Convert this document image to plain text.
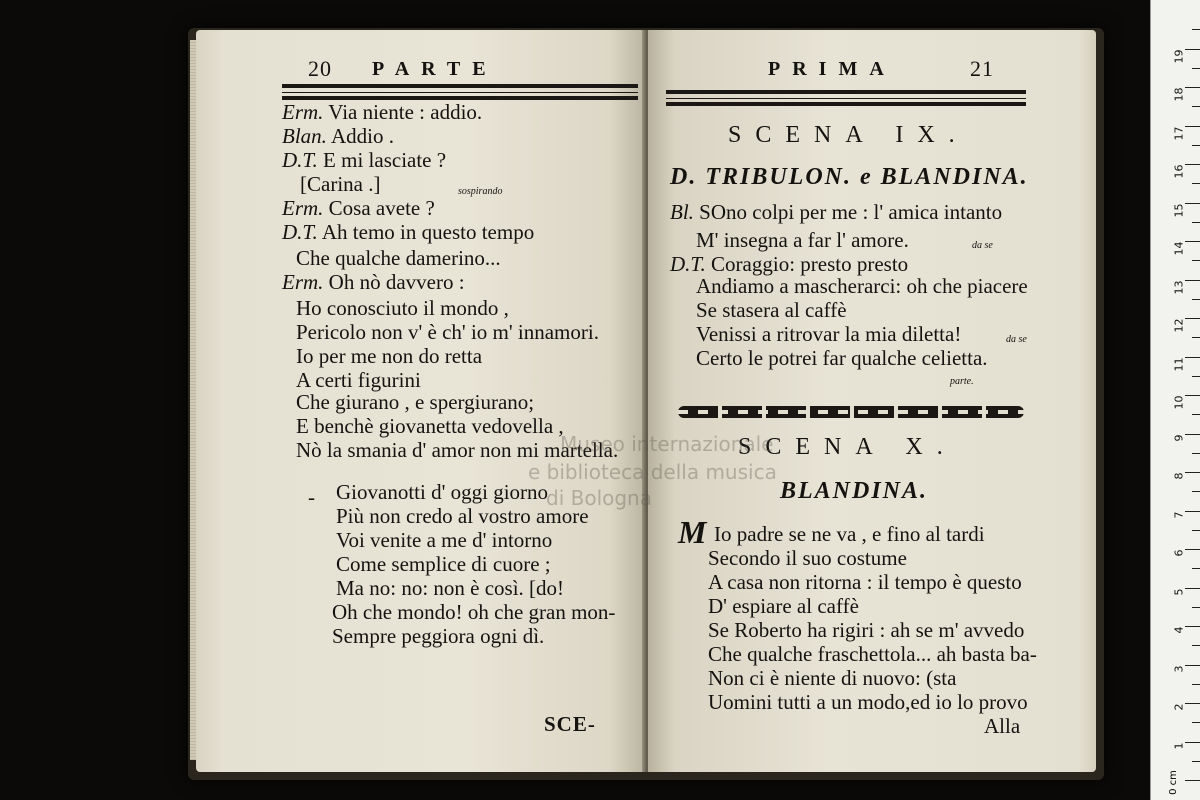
20 PARTE
Erm. Via niente : addio.
Blan. Addio .
D.T. E mi lasciate ?
[Carina .]
Erm. Cosa avete ?
D.T. Ah temo in questo tempo
Che qualche damerino...
Erm. Oh nò davvero :
Ho conosciuto il mondo ,
Pericolo non v' è ch' io m' innamori.
Io per me non do retta
A certi figurini
Che giurano , e spergiurano;
E benchè giovanetta vedovella ,
Nò la smania d' amor non mi martella.
sospirando
Giovanotti d' oggi giorno
Più non credo al vostro amore
Voi venite a me d' intorno
Come semplice di cuore ;
Ma no: no: non è così. [do!
Oh che mondo! oh che gran mon-
Sempre peggiora ogni dì.
-
SCE-
PRIMA	21
SCENA IX.
D. TRIBULON. e BLANDINA.
Bl. SOno colpi per me : l' amica intanto
M' insegna a far l' amore.
D.T. Coraggio: presto presto
Andiamo a mascherarci: oh che piacere
Se stasera al caffè
Venissi a ritrovar la mia diletta!
Certo le potrei far qualche celietta.
da se
da se
parte.
SCENA X.
BLANDINA.
M Io padre se ne va , e fino al tardi
Secondo il suo costume
A casa non ritorna : il tempo è questo
D' espiare al caffè
Se Roberto ha rigiri : ah se m' avvedo
Che qualche fraschettola... ah basta ba-
Non ci è niente di nuovo: (sta
Uomini tutti a un modo,ed io lo provo
Alla
Museo internazionale
e biblioteca della musica
di Bologna
1
2
3
4
5
6
7
8
9
10
11
12
13
14
15
16
17
18
19
0 cm
